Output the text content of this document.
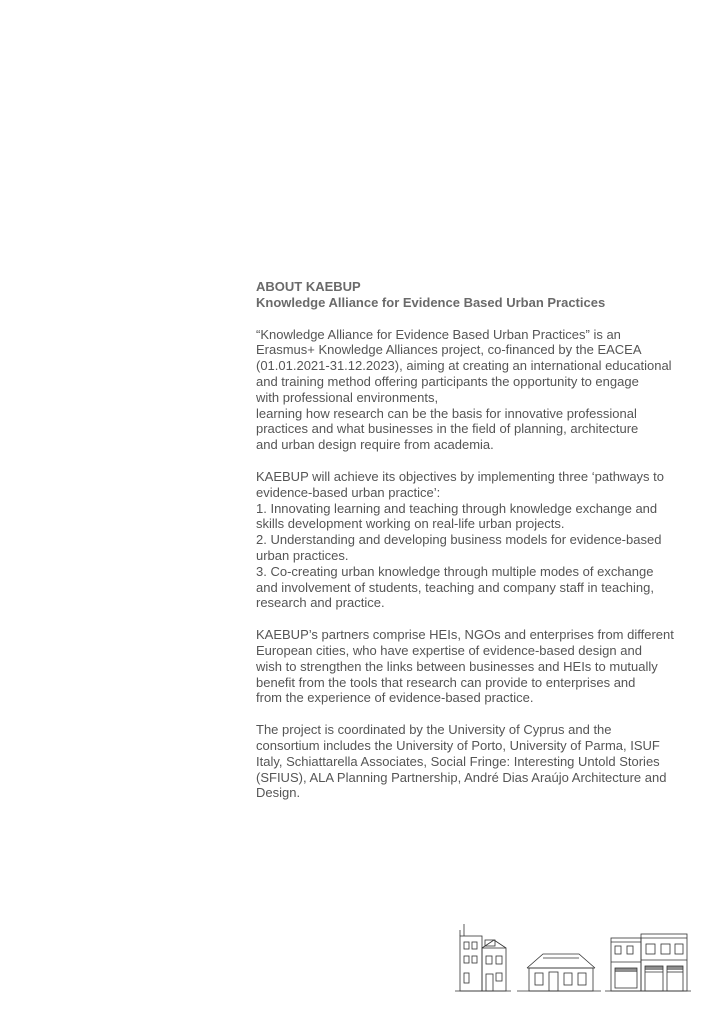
ABOUT KAEBUP

Knowledge Alliance for Evidence Based Urban Practices

“Knowledge Alliance for Evidence Based Urban Practices” is an
Erasmus+ Knowledge Alliances project, co-financed by the EACEA
(01.01.2021-31.12.2023), aiming at creating an international educational
and training method offering participants the opportunity to engage
with professional environments,
learning how research can be the basis for innovative professional
practices and what businesses in the field of planning, architecture
and urban design require from academia.

KAEBUP will achieve its objectives by implementing three ‘pathways to
evidence-based urban practice’:
1. Innovating learning and teaching through knowledge exchange and
skills development working on real-life urban projects.
2. Understanding and developing business models for evidence-based
urban practices.
3. Co-creating urban knowledge through multiple modes of exchange
and involvement of students, teaching and company staff in teaching,
research and practice.

KAEBUP’s partners comprise HEIs, NGOs and enterprises from different
European cities, who have expertise of evidence-based design and
wish to strengthen the links between businesses and HEIs to mutually
benefit from the tools that research can provide to enterprises and
from the experience of evidence-based practice.

The project is coordinated by the University of Cyprus and the
consortium includes the University of Porto, University of Parma, ISUF
Italy, Schiattarella Associates, Social Fringe: Interesting Untold Stories
(SFIUS), ALA Planning Partnership, André Dias Araújo Architecture and
Design.
